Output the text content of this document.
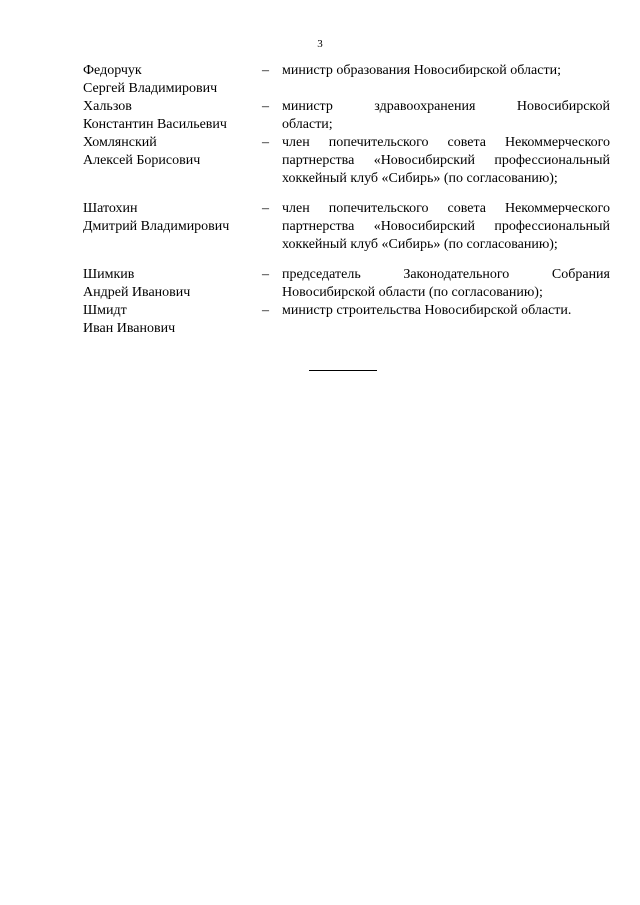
3
Федорчук
Сергей Владимирович
– министр образования Новосибирской области;
Хальзов
Константин Васильевич
– министр здравоохранения Новосибирской
области;
Хомлянский
Алексей Борисович
– член попечительского совета Некоммерческого
партнерства «Новосибирский профессиональный
хоккейный клуб «Сибирь» (по согласованию);
Шатохин
Дмитрий Владимирович
– член попечительского совета Некоммерческого
партнерства «Новосибирский профессиональный
хоккейный клуб «Сибирь» (по согласованию);
Шимкив
Андрей Иванович
– председатель Законодательного Собрания
Новосибирской области (по согласованию);
Шмидт
Иван Иванович
– министр строительства Новосибирской области.
